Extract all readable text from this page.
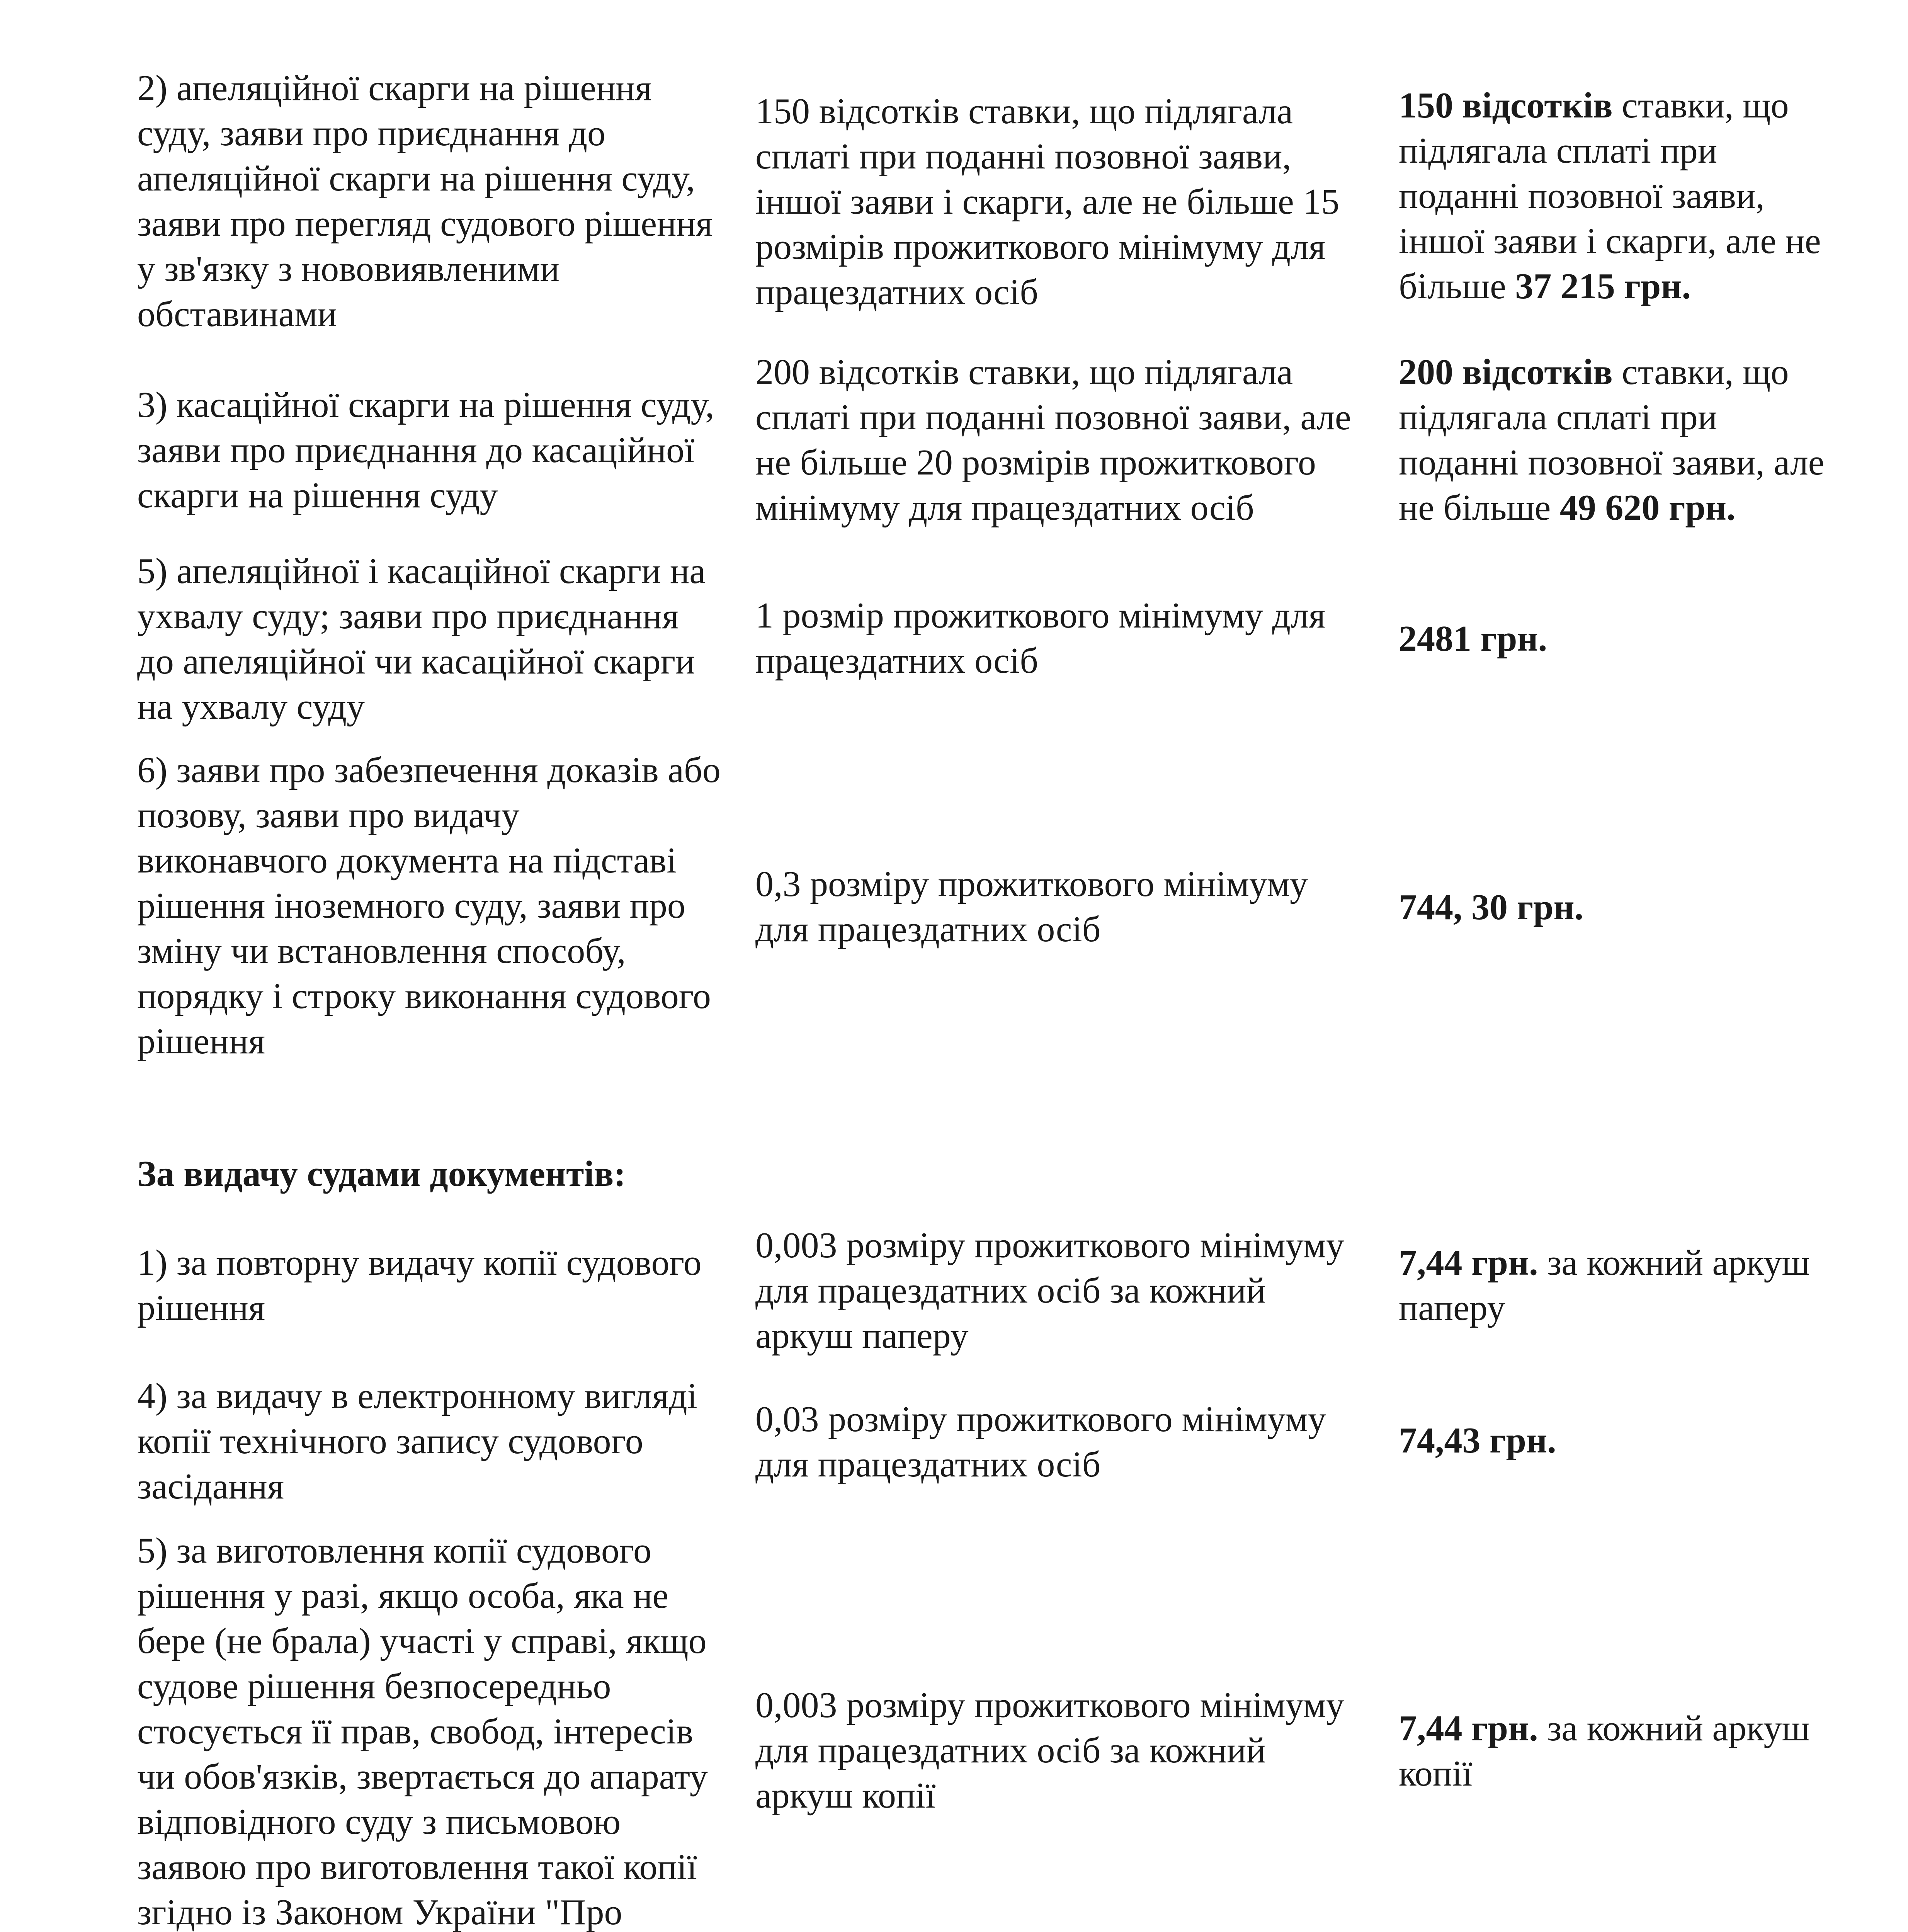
2) апеляційної скарги на рішення
суду, заяви про приєднання до
апеляційної скарги на рішення суду,
заяви про перегляд судового рішення
у зв'язку з нововиявленими
обставинами
150 відсотків ставки, що підлягала
сплаті при поданні позовної заяви,
іншої заяви і скарги, але не більше 15
розмірів прожиткового мінімуму для
працездатних осіб
150 відсотків ставки, що
підлягала сплаті при
поданні позовної заяви,
іншої заяви і скарги, але не
більше 37 215 грн.
3) касаційної скарги на рішення суду,
заяви про приєднання до касаційної
скарги на рішення суду
200 відсотків ставки, що підлягала
сплаті при поданні позовної заяви, але
не більше 20 розмірів прожиткового
мінімуму для працездатних осіб
200 відсотків ставки, що
підлягала сплаті при
поданні позовної заяви, але
не більше 49 620 грн.
5) апеляційної і касаційної скарги на
ухвалу суду; заяви про приєднання
до апеляційної чи касаційної скарги
на ухвалу суду
1 розмір прожиткового мінімуму для
працездатних осіб
2481 грн.
6) заяви про забезпечення доказів або
позову, заяви про видачу
виконавчого документа на підставі
рішення іноземного суду, заяви про
зміну чи встановлення способу,
порядку і строку виконання судового
рішення
0,3 розміру прожиткового мінімуму
для працездатних осіб
744, 30 грн.
За видачу судами документів:
1) за повторну видачу копії судового
рішення
0,003 розміру прожиткового мінімуму
для працездатних осіб за кожний
аркуш паперу
7,44 грн. за кожний аркуш
паперу
4) за видачу в електронному вигляді
копії технічного запису судового
засідання
0,03 розміру прожиткового мінімуму
для працездатних осіб
74,43 грн.
5) за виготовлення копії судового
рішення у разі, якщо особа, яка не
бере (не брала) участі у справі, якщо
судове рішення безпосередньо
стосується її прав, свобод, інтересів
чи обов'язків, звертається до апарату
відповідного суду з письмовою
заявою про виготовлення такої копії
згідно із Законом України "Про

0,003 розміру прожиткового мінімуму
для працездатних осіб за кожний
аркуш копії
7,44 грн. за кожний аркуш
копії
